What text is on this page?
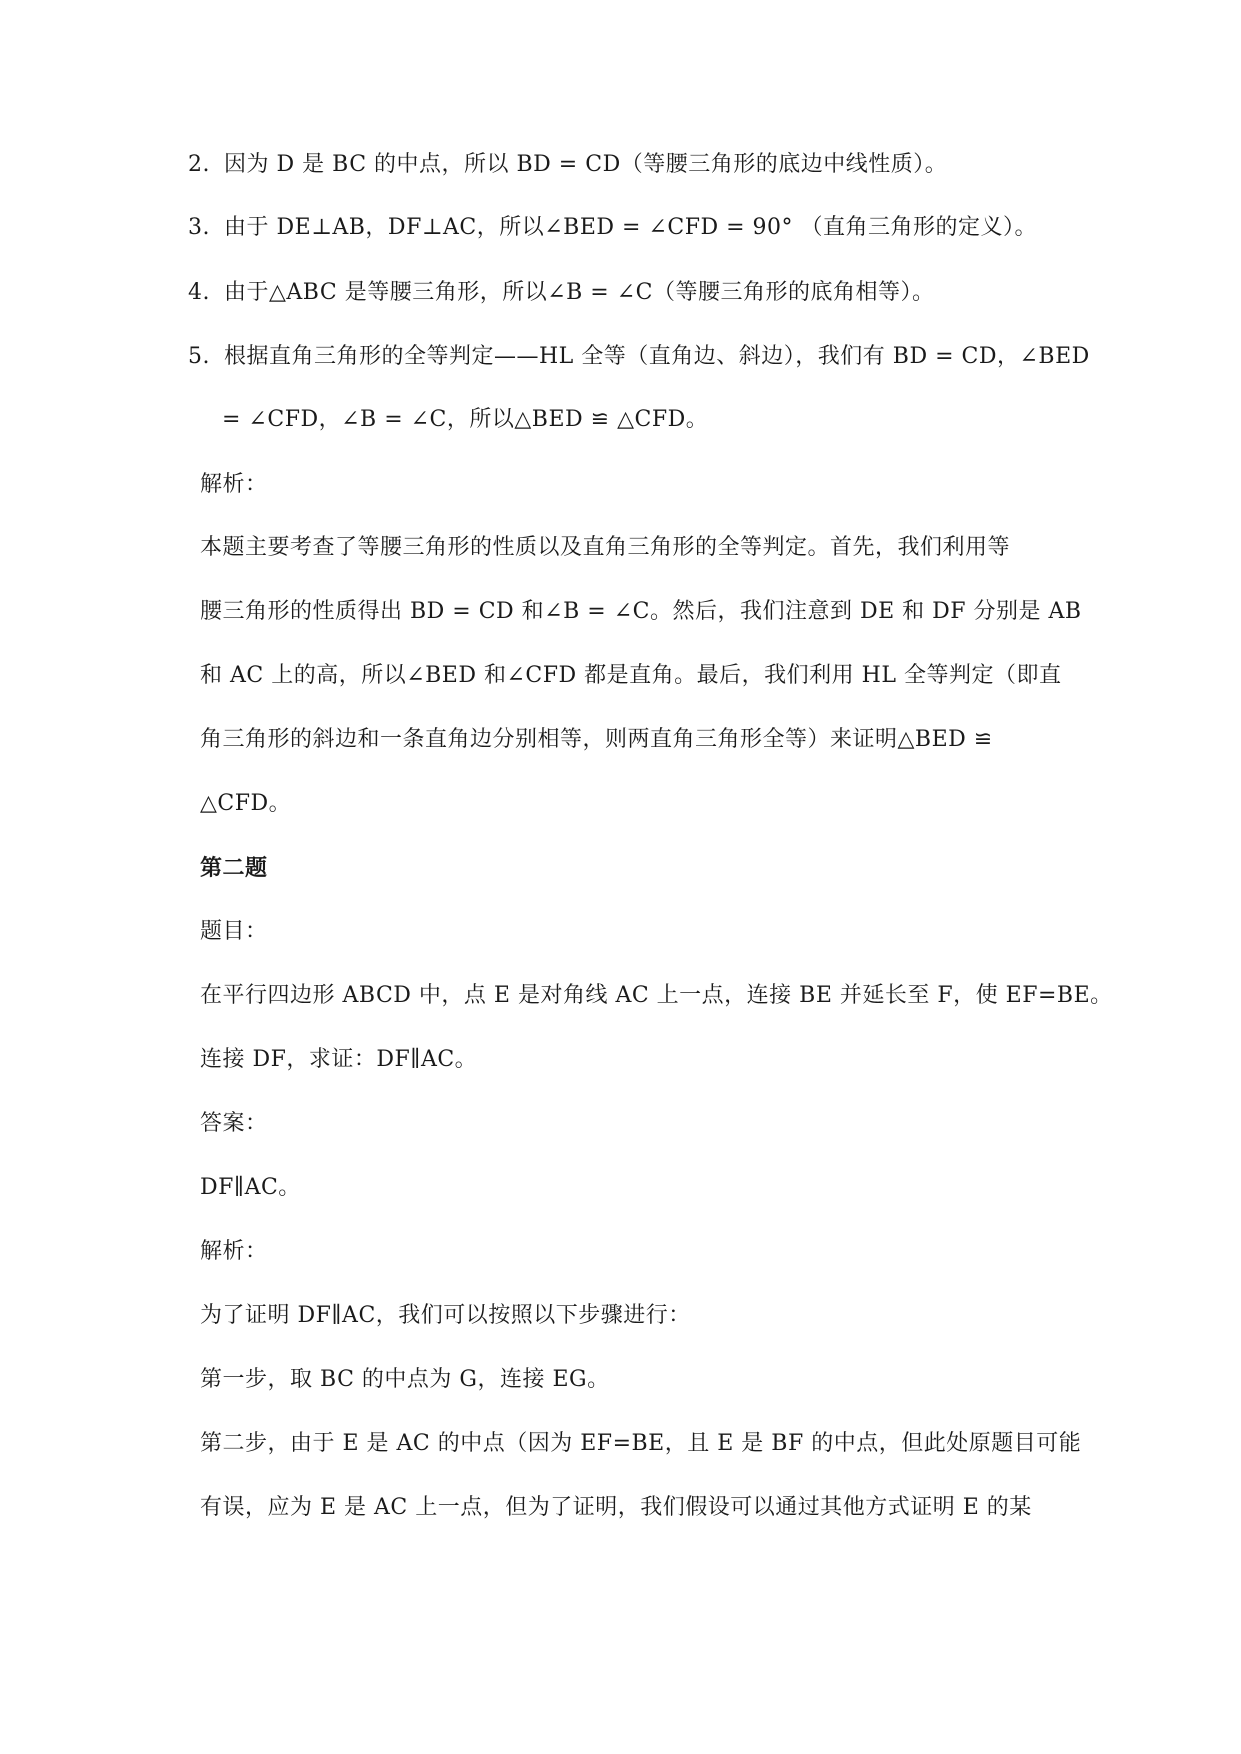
2. 因为 D 是 BC 的中点，所以 BD = CD（等腰三角形的底边中线性质）。
3. 由于 DE⊥AB，DF⊥AC，所以∠BED = ∠CFD = 90° （直角三角形的定义）。
4. 由于△ABC 是等腰三角形，所以∠B = ∠C（等腰三角形的底角相等）。
5. 根据直角三角形的全等判定——HL 全等（直角边、斜边），我们有 BD = CD，∠BED
= ∠CFD，∠B = ∠C，所以△BED ≌ △CFD。
解析：
本题主要考查了等腰三角形的性质以及直角三角形的全等判定。首先，我们利用等
腰三角形的性质得出 BD = CD 和∠B = ∠C。然后，我们注意到 DE 和 DF 分别是 AB
和 AC 上的高，所以∠BED 和∠CFD 都是直角。最后，我们利用 HL 全等判定（即直
角三角形的斜边和一条直角边分别相等，则两直角三角形全等）来证明△BED ≌
△CFD。
第二题
题目：
在平行四边形 ABCD 中，点 E 是对角线 AC 上一点，连接 BE 并延长至 F，使 EF=BE。
连接 DF，求证：DF∥AC。
答案：
DF∥AC。
解析：
为了证明 DF∥AC，我们可以按照以下步骤进行：
第一步，取 BC 的中点为 G，连接 EG。
第二步，由于 E 是 AC 的中点（因为 EF=BE，且 E 是 BF 的中点，但此处原题目可能
有误，应为 E 是 AC 上一点，但为了证明，我们假设可以通过其他方式证明 E 的某
